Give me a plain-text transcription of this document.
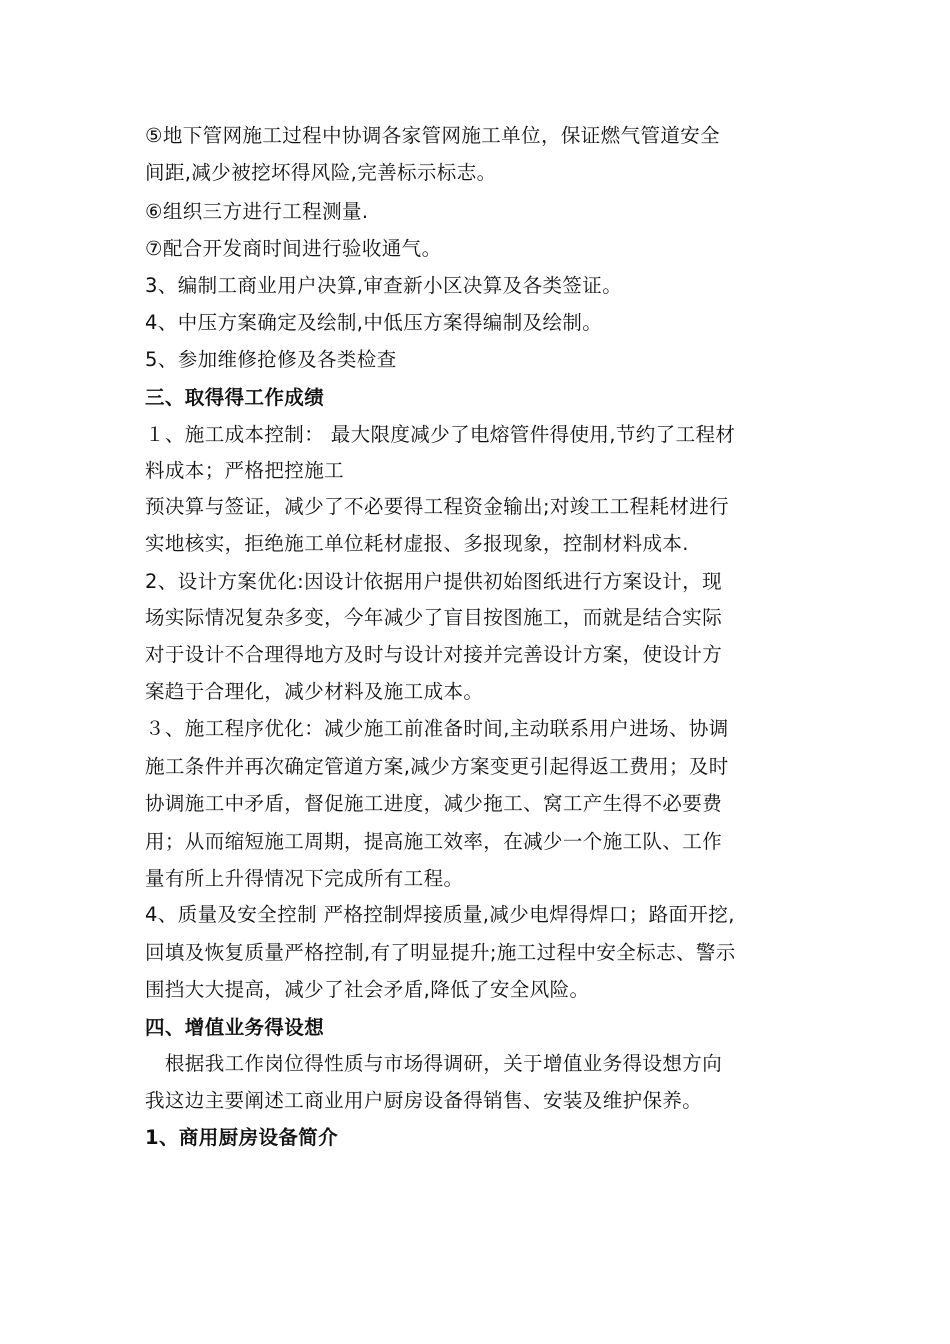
⑤地下管网施工过程中协调各家管网施工单位，保证燃气管道安全
间距,减少被挖坏得风险,完善标示标志。
⑥组织三方进行工程测量.
⑦配合开发商时间进行验收通气。
3、编制工商业用户决算,审查新小区决算及各类签证。
4、中压方案确定及绘制,中低压方案得编制及绘制。
5、参加维修抢修及各类检查
三、取得得工作成绩
１、施工成本控制： 最大限度减少了电熔管件得使用,节约了工程材
料成本；严格把控施工
预决算与签证，减少了不必要得工程资金输出;对竣工工程耗材进行
实地核实，拒绝施工单位耗材虚报、多报现象，控制材料成本.
2、设计方案优化:因设计依据用户提供初始图纸进行方案设计，现
场实际情况复杂多变，今年减少了盲目按图施工，而就是结合实际
对于设计不合理得地方及时与设计对接并完善设计方案，使设计方
案趋于合理化，减少材料及施工成本。
３、施工程序优化：减少施工前准备时间,主动联系用户进场、协调
施工条件并再次确定管道方案,减少方案变更引起得返工费用；及时
协调施工中矛盾，督促施工进度，减少拖工、窝工产生得不必要费
用；从而缩短施工周期，提高施工效率，在减少一个施工队、工作
量有所上升得情况下完成所有工程。
4、质量及安全控制 严格控制焊接质量,减少电焊得焊口；路面开挖,
回填及恢复质量严格控制,有了明显提升;施工过程中安全标志、警示
围挡大大提高，减少了社会矛盾,降低了安全风险。
四、增值业务得设想
　根据我工作岗位得性质与市场得调研，关于增值业务得设想方向
我这边主要阐述工商业用户厨房设备得销售、安装及维护保养。
1、商用厨房设备简介
